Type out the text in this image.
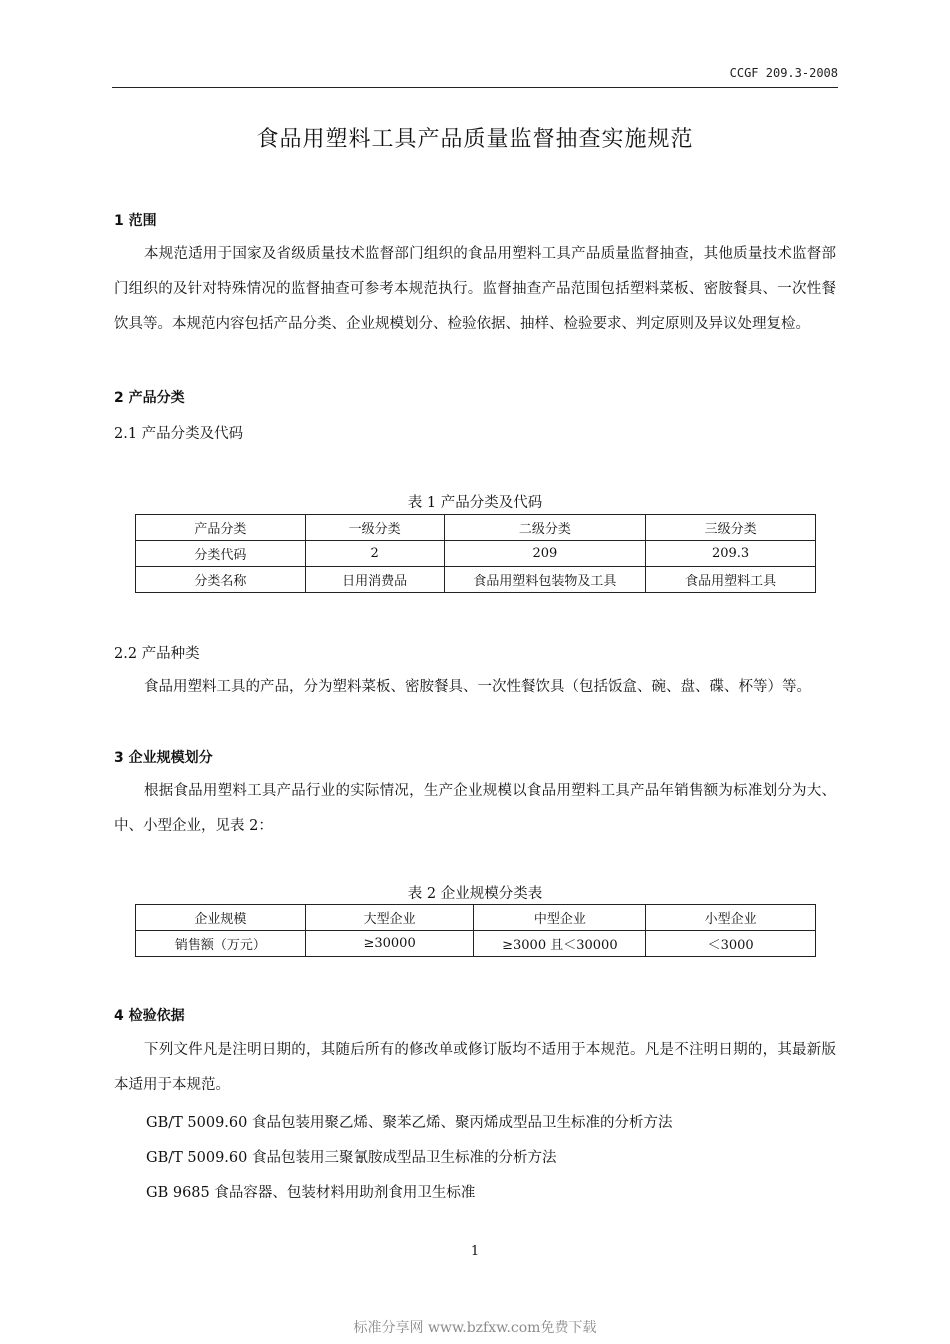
CCGF 209.3-2008
食品用塑料工具产品质量监督抽查实施规范
1 范围
本规范适用于国家及省级质量技术监督部门组织的食品用塑料工具产品质量监督抽查，其他质量技术监督部门组织的及针对特殊情况的监督抽查可参考本规范执行。监督抽查产品范围包括塑料菜板、密胺餐具、一次性餐饮具等。本规范内容包括产品分类、企业规模划分、检验依据、抽样、检验要求、判定原则及异议处理复检。
2 产品分类
2.1 产品分类及代码
表 1 产品分类及代码
产品分类	一级分类	二级分类	三级分类
分类代码	2	209	209.3
分类名称	日用消费品	食品用塑料包装物及工具	食品用塑料工具
2.2 产品种类
食品用塑料工具的产品，分为塑料菜板、密胺餐具、一次性餐饮具（包括饭盒、碗、盘、碟、杯等）等。
3 企业规模划分
根据食品用塑料工具产品行业的实际情况，生产企业规模以食品用塑料工具产品年销售额为标准划分为大、中、小型企业，见表 2：
表 2 企业规模分类表
企业规模	大型企业	中型企业	小型企业
销售额（万元）	≥30000	≥3000 且＜30000	＜3000
4 检验依据
下列文件凡是注明日期的，其随后所有的修改单或修订版均不适用于本规范。凡是不注明日期的，其最新版本适用于本规范。
GB/T 5009.60 食品包装用聚乙烯、聚苯乙烯、聚丙烯成型品卫生标准的分析方法
GB/T 5009.60 食品包装用三聚氰胺成型品卫生标准的分析方法
GB 9685 食品容器、包装材料用助剂食用卫生标准
1
标准分享网 www.bzfxw.com免费下载
